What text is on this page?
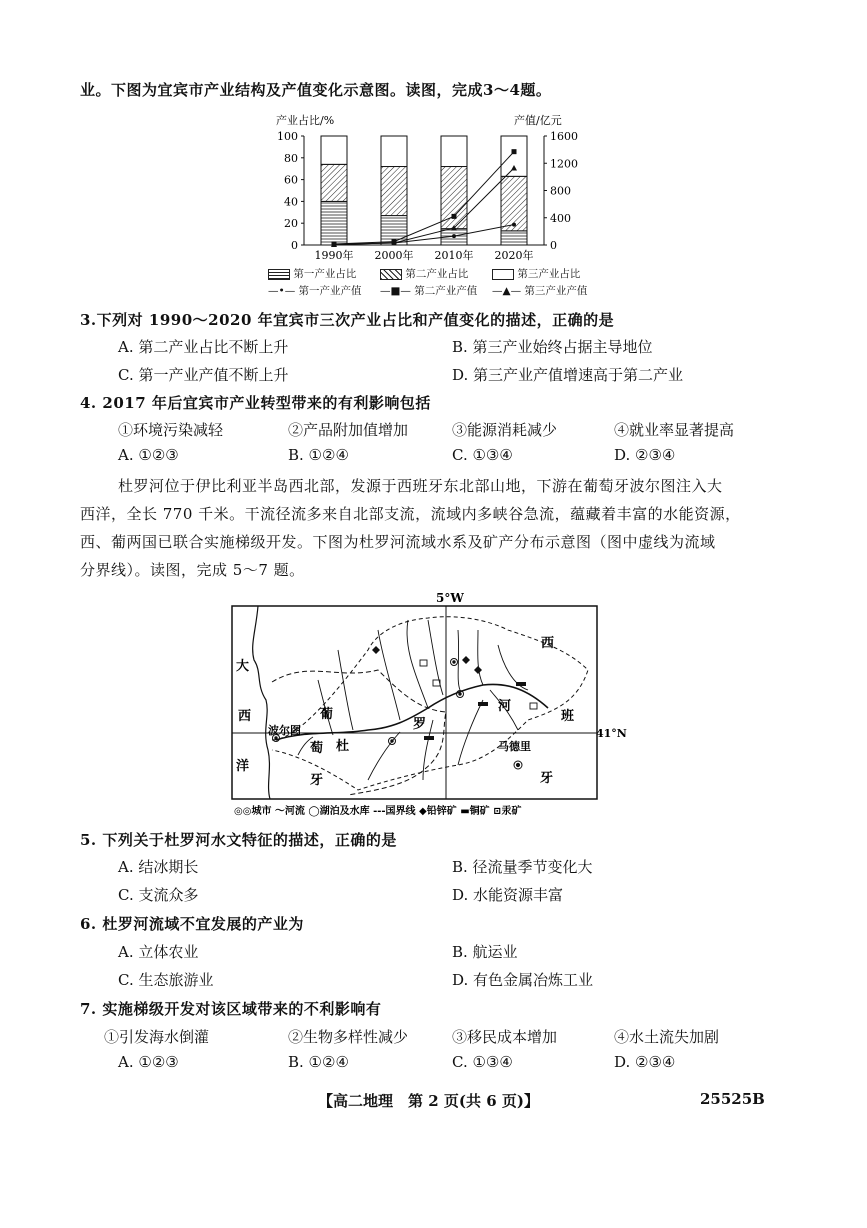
业。下图为宜宾市产业结构及产值变化示意图。读图，完成3～4题。
产业占比/%	产值/亿元
0
20
40
60
80
100
0
400
800
1200
1600
1990年 2000年 2010年 2020年
第一产业占比	第二产业占比	第三产业占比
—•— 第一产业产值 —■— 第二产业产值 —▲— 第三产业产值
3.下列对 1990～2020 年宜宾市三次产业占比和产值变化的描述，正确的是
A. 第二产业占比不断上升	B. 第三产业始终占据主导地位
C. 第一产业产值不断上升	D. 第三产业产值增速高于第二产业
4. 2017 年后宜宾市产业转型带来的有利影响包括
①环境污染减轻	②产品附加值增加	③能源消耗减少	④就业率显著提高
A. ①②③	B. ①②④	C. ①③④	D. ②③④
杜罗河位于伊比利亚半岛西北部，发源于西班牙东北部山地，下游在葡萄牙波尔图注入大
西洋，全长 770 千米。干流径流多来自北部支流，流域内多峡谷急流，蕴藏着丰富的水能资源，
西、葡两国已联合实施梯级开发。下图为杜罗河流域水系及矿产分布示意图（图中虚线为流域
分界线）。读图，完成 5～7 题。
5°W
41°N
大
西
洋
葡
萄
牙
杜
罗
河
西
班
牙
波尔图
马德里
◎◎城市 ～河流 ◯湖泊及水库 ---国界线 ◆铅锌矿 ▬铜矿 ⊡汞矿
5. 下列关于杜罗河水文特征的描述，正确的是
A. 结冰期长	B. 径流量季节变化大
C. 支流众多	D. 水能资源丰富
6. 杜罗河流域不宜发展的产业为
A. 立体农业	B. 航运业
C. 生态旅游业	D. 有色金属冶炼工业
7. 实施梯级开发对该区域带来的不利影响有
①引发海水倒灌	②生物多样性减少	③移民成本增加	④水土流失加剧
A. ①②③	B. ①②④	C. ①③④	D. ②③④
【高二地理　第 2 页(共 6 页)】	25525B
